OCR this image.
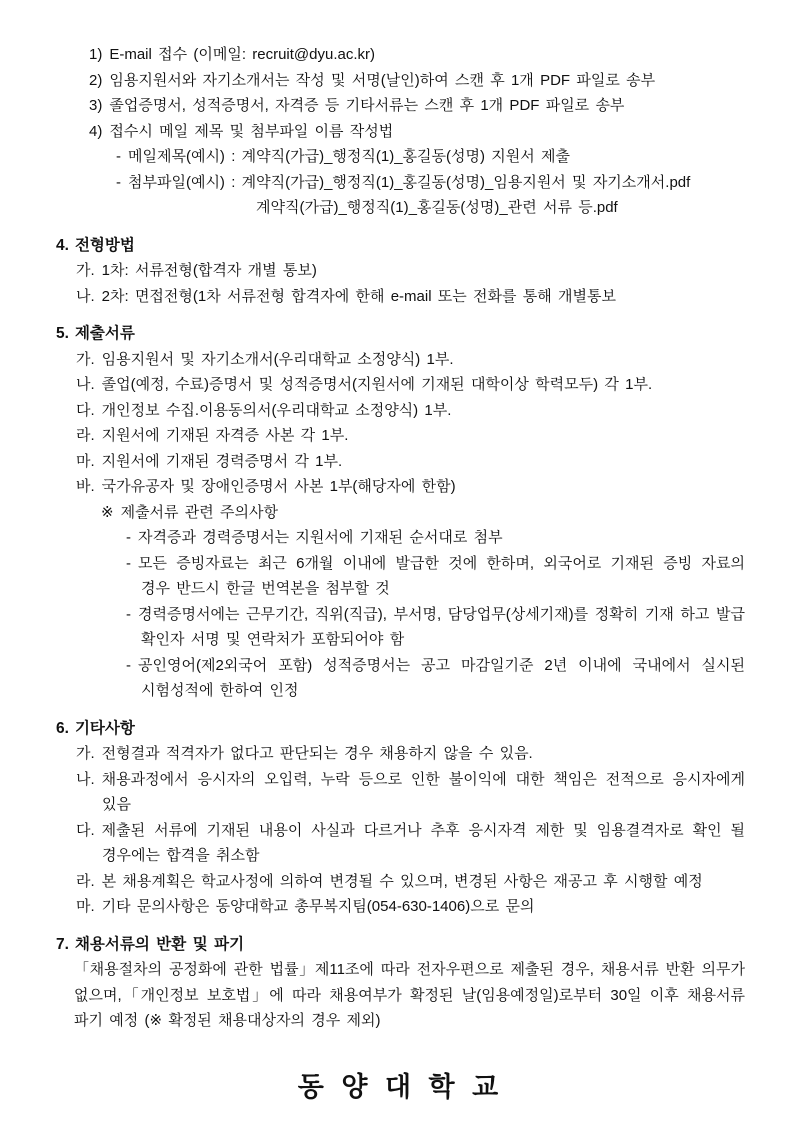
1) E-mail 접수 (이메일: recruit@dyu.ac.kr)
2) 임용지원서와 자기소개서는 작성 및 서명(날인)하여 스캔 후 1개 PDF 파일로 송부
3) 졸업증명서, 성적증명서, 자격증 등 기타서류는 스캔 후 1개 PDF 파일로 송부
4) 접수시 메일 제목 및 첨부파일 이름 작성법
- 메일제목(예시) : 계약직(가급)_행정직(1)_홍길동(성명) 지원서 제출
- 첨부파일(예시) : 계약직(가급)_행정직(1)_홍길동(성명)_임용지원서 및 자기소개서.pdf
계약직(가급)_행정직(1)_홍길동(성명)_관련 서류 등.pdf
4. 전형방법
가. 1차: 서류전형(합격자 개별 통보)
나. 2차: 면접전형(1차 서류전형 합격자에 한해 e-mail 또는 전화를 통해 개별통보
5. 제출서류
가. 임용지원서 및 자기소개서(우리대학교 소정양식) 1부.
나. 졸업(예정, 수료)증명서 및 성적증명서(지원서에 기재된 대학이상 학력모두) 각 1부.
다. 개인정보 수집.이용동의서(우리대학교 소정양식) 1부.
라. 지원서에 기재된 자격증 사본 각 1부.
마. 지원서에 기재된 경력증명서 각 1부.
바. 국가유공자 및 장애인증명서 사본 1부(해당자에 한함)
※ 제출서류 관련 주의사항
- 자격증과 경력증명서는 지원서에 기재된 순서대로 첨부
- 모든 증빙자료는 최근 6개월 이내에 발급한 것에 한하며, 외국어로 기재된 증빙 자료의 경우 반드시 한글 번역본을 첨부할 것
- 경력증명서에는 근무기간, 직위(직급), 부서명, 담당업무(상세기재)를 정확히 기재 하고 발급 확인자 서명 및 연락처가 포함되어야 함
- 공인영어(제2외국어 포함) 성적증명서는 공고 마감일기준 2년 이내에 국내에서 실시된 시험성적에 한하여 인정
6. 기타사항
가. 전형결과 적격자가 없다고 판단되는 경우 채용하지 않을 수 있음.
나. 채용과정에서 응시자의 오입력, 누락 등으로 인한 불이익에 대한 책임은 전적으로 응시자에게 있음
다. 제출된 서류에 기재된 내용이 사실과 다르거나 추후 응시자격 제한 및 임용결격자로 확인 될 경우에는 합격을 취소함
라. 본 채용계획은 학교사정에 의하여 변경될 수 있으며, 변경된 사항은 재공고 후 시행할 예정
마. 기타 문의사항은 동양대학교 총무복지팀(054-630-1406)으로 문의
7. 채용서류의 반환 및 파기
「채용절차의 공정화에 관한 법률」제11조에 따라 전자우편으로 제출된 경우, 채용서류 반환 의무가 없으며,「개인정보 보호법」에 따라 채용여부가 확정된 날(임용예정일)로부터 30일 이후 채용서류 파기 예정 (※ 확정된 채용대상자의 경우 제외)
동 양 대 학 교
